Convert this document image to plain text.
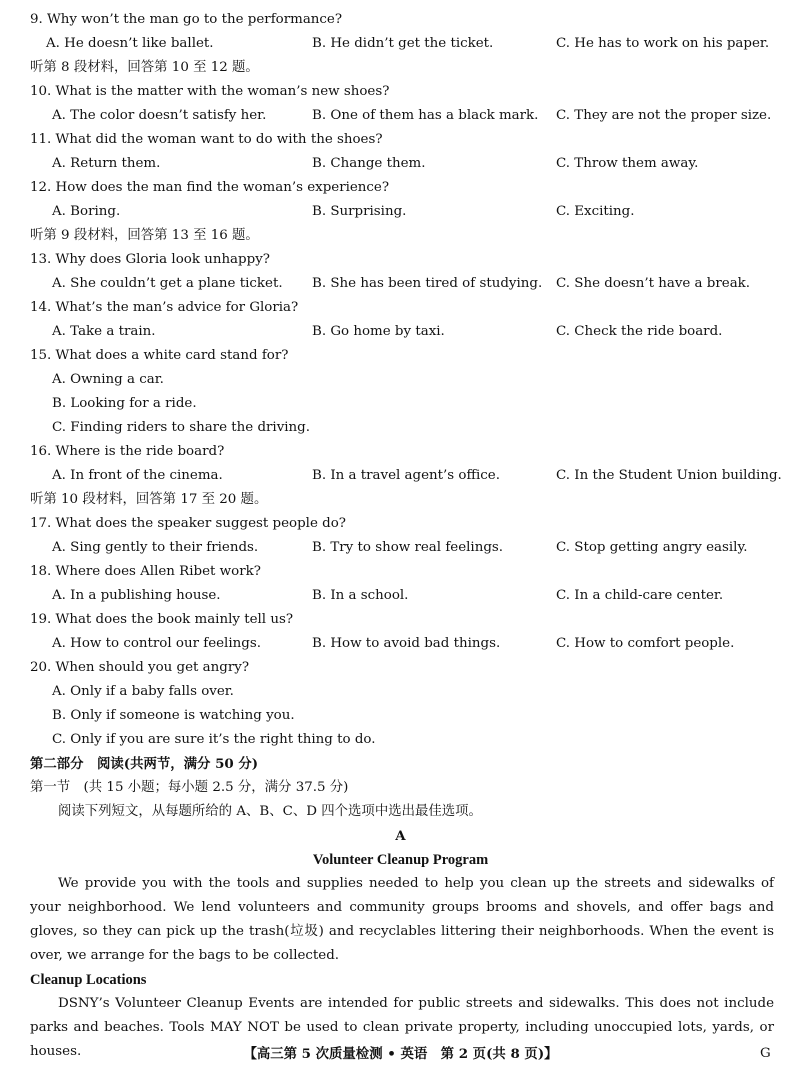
9. Why won’t the man go to the performance?
A. He doesn’t like ballet.	B. He didn’t get the ticket.	C. He has to work on his paper.
听第 8 段材料，回答第 10 至 12 题。
10. What is the matter with the woman’s new shoes?
A. The color doesn’t satisfy her.	B. One of them has a black mark. C. They are not the proper size.
11. What did the woman want to do with the shoes?
A. Return them.	B. Change them.	C. Throw them away.
12. How does the man find the woman’s experience?
A. Boring.	B. Surprising.	C. Exciting.
听第 9 段材料，回答第 13 至 16 题。
13. Why does Gloria look unhappy?
A. She couldn’t get a plane ticket. B. She has been tired of studying. C. She doesn’t have a break.
14. What’s the man’s advice for Gloria?
A. Take a train.	B. Go home by taxi.	C. Check the ride board.
15. What does a white card stand for?
A. Owning a car.
B. Looking for a ride.
C. Finding riders to share the driving.
16. Where is the ride board?
A. In front of the cinema.	B. In a travel agent’s office.	C. In the Student Union building.
听第 10 段材料，回答第 17 至 20 题。
17. What does the speaker suggest people do?
A. Sing gently to their friends.	B. Try to show real feelings.	C. Stop getting angry easily.
18. Where does Allen Ribet work?
A. In a publishing house.	B. In a school.	C. In a child-care center.
19. What does the book mainly tell us?
A. How to control our feelings.	B. How to avoid bad things.	C. How to comfort people.
20. When should you get angry?
A. Only if a baby falls over.
B. Only if someone is watching you.
C. Only if you are sure it’s the right thing to do.
第二部分　阅读(共两节，满分 50 分)
第一节　(共 15 小题；每小题 2.5 分，满分 37.5 分)
阅读下列短文，从每题所给的 A、B、C、D 四个选项中选出最佳选项。
A
Volunteer Cleanup Program
We provide you with the tools and supplies needed to help you clean up the streets and sidewalks of your neighborhood. We lend volunteers and community groups brooms and shovels, and offer bags and gloves, so they can pick up the trash(垃圾) and recyclables littering their neighborhoods. When the event is over, we arrange for the bags to be collected.
Cleanup Locations
DSNY’s Volunteer Cleanup Events are intended for public streets and sidewalks. This does not include parks and beaches. Tools MAY NOT be used to clean private property, including unoccupied lots, yards, or houses.	【高三第 5 次质量检测 • 英语　第 2 页(共 8 页)】	G
